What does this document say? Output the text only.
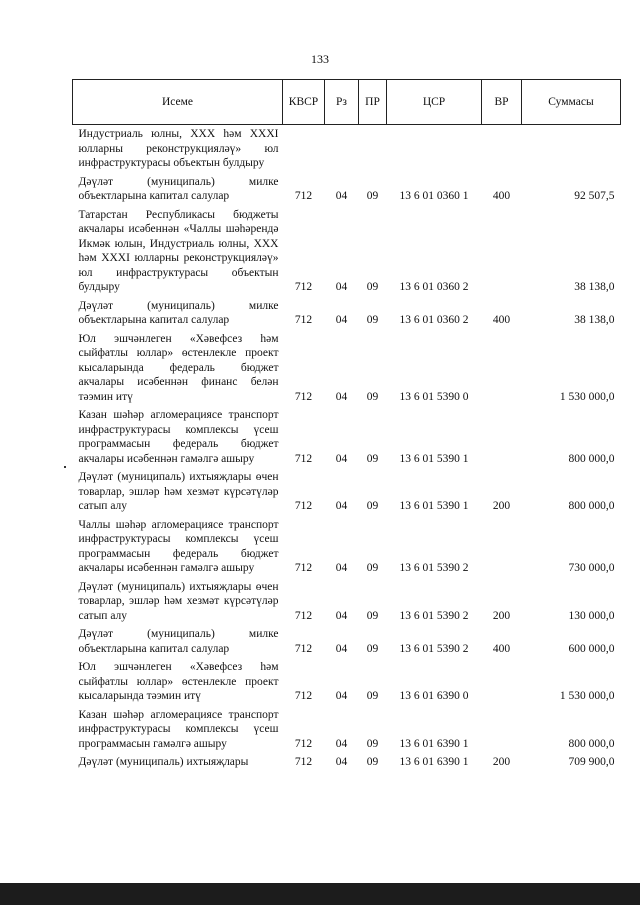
133
Исеме	КВСР	Рз	ПР	ЦСР	ВР	Суммасы
Индустриаль юлны, XXX һәм XXXI юлларны реконструкцияләү» юл инфраструктурасы объектын булдыру						
Дәүләт (муниципаль) милке объектларына капитал салулар	712	04	09	13 6 01 0360 1	400	92 507,5
Татарстан Республикасы бюджеты акчалары исәбеннән «Чаллы шәһәрендә Икмәк юлын, Индустриаль юлны, XXX һәм XXXI юлларны реконструкцияләү» юл инфраструктурасы объектын булдыру	712	04	09	13 6 01 0360 2		38 138,0
Дәүләт (муниципаль) милке объектларына капитал салулар	712	04	09	13 6 01 0360 2	400	38 138,0
Юл эшчәнлеген «Хәвефсез һәм сыйфатлы юллар» өстенлекле проект кысаларында федераль бюджет акчалары исәбеннән финанс белән тәэмин итү	712	04	09	13 6 01 5390 0		1 530 000,0
Казан шәһәр агломерациясе транспорт инфраструктурасы комплексы үсеш программасын федераль бюджет акчалары исәбеннән гамәлгә ашыру	712	04	09	13 6 01 5390 1		800 000,0
Дәүләт (муниципаль) ихтыяҗлары өчен товарлар, эшләр һәм хезмәт күрсәтүләр сатып алу	712	04	09	13 6 01 5390 1	200	800 000,0
Чаллы шәһәр агломерациясе транспорт инфраструктурасы комплексы үсеш программасын федераль бюджет акчалары исәбеннән гамәлгә ашыру	712	04	09	13 6 01 5390 2		730 000,0
Дәүләт (муниципаль) ихтыяҗлары өчен товарлар, эшләр һәм хезмәт күрсәтүләр сатып алу	712	04	09	13 6 01 5390 2	200	130 000,0
Дәүләт (муниципаль) милке объектларына капитал салулар	712	04	09	13 6 01 5390 2	400	600 000,0
Юл эшчәнлеген «Хәвефсез һәм сыйфатлы юллар» өстенлекле проект кысаларында тәэмин итү	712	04	09	13 6 01 6390 0		1 530 000,0
Казан шәһәр агломерациясе транспорт инфраструктурасы комплексы үсеш программасын гамәлгә ашыру	712	04	09	13 6 01 6390 1		800 000,0
Дәүләт (муниципаль) ихтыяҗлары	712	04	09	13 6 01 6390 1	200	709 900,0
